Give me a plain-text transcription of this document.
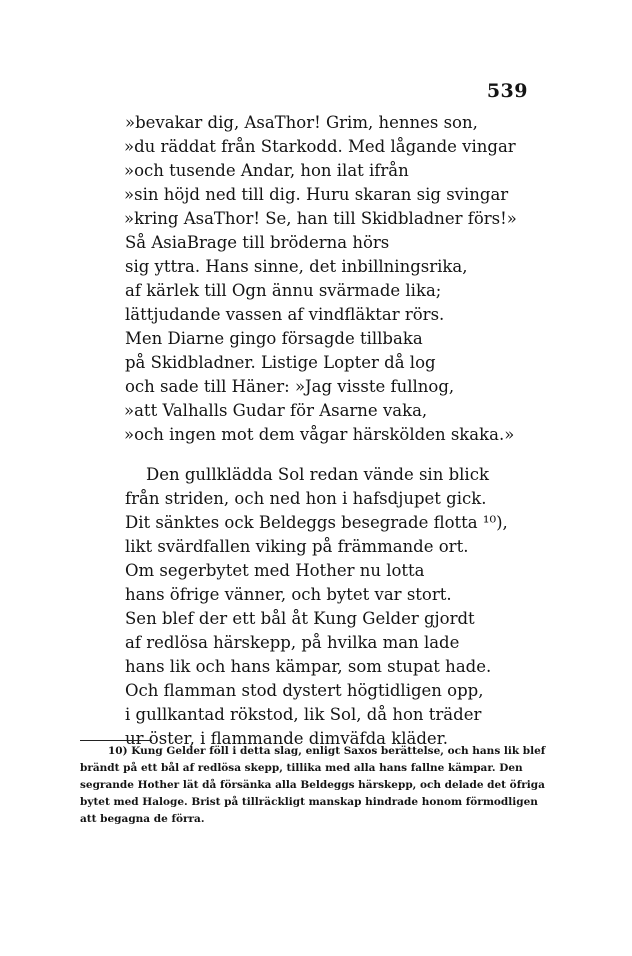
539
»bevakar dig, AsaThor! Grim, hennes son,
»du räddat från Starkodd. Med lågande vingar
»och tusende Andar, hon ilat ifrån
»sin höjd ned till dig. Huru skaran sig svingar
»kring AsaThor! Se, han till Skidbladner förs!»
Så AsiaBrage till bröderna hörs
sig yttra. Hans sinne, det inbillningsrika,
af kärlek till Ogn ännu svärmade lika;
lättjudande vassen af vindfläktar rörs.
Men Diarne gingo försagde tillbaka
på Skidbladner. Listige Lopter då log
och sade till Häner: »Jag visste fullnog,
»att Valhalls Gudar för Asarne vaka,
»och ingen mot dem vågar härskölden skaka.»
Den gullklädda Sol redan vände sin blick
från striden, och ned hon i hafsdjupet gick.
Dit sänktes ock Beldeggs besegrade flotta ¹⁰),
likt svärdfallen viking på främmande ort.
Om segerbytet med Hother nu lotta
hans öfrige vänner, och bytet var stort.
Sen blef der ett bål åt Kung Gelder gjordt
af redlösa härskepp, på hvilka man lade
hans lik och hans kämpar, som stupat hade.
Och flamman stod dystert högtidligen opp,
i gullkantad rökstod, lik Sol, då hon träder
ur öster, i flammande dimväfda kläder.
10) Kung Gelder föll i detta slag, enligt Saxos berättelse, och hans lik blef
brändt på ett bål af redlösa skepp, tillika med alla hans fallne kämpar. Den
segrande Hother lät då försänka alla Beldeggs härskepp, och delade det öfriga
bytet med Haloge. Brist på tillräckligt manskap hindrade honom förmodligen
att begagna de förra.
